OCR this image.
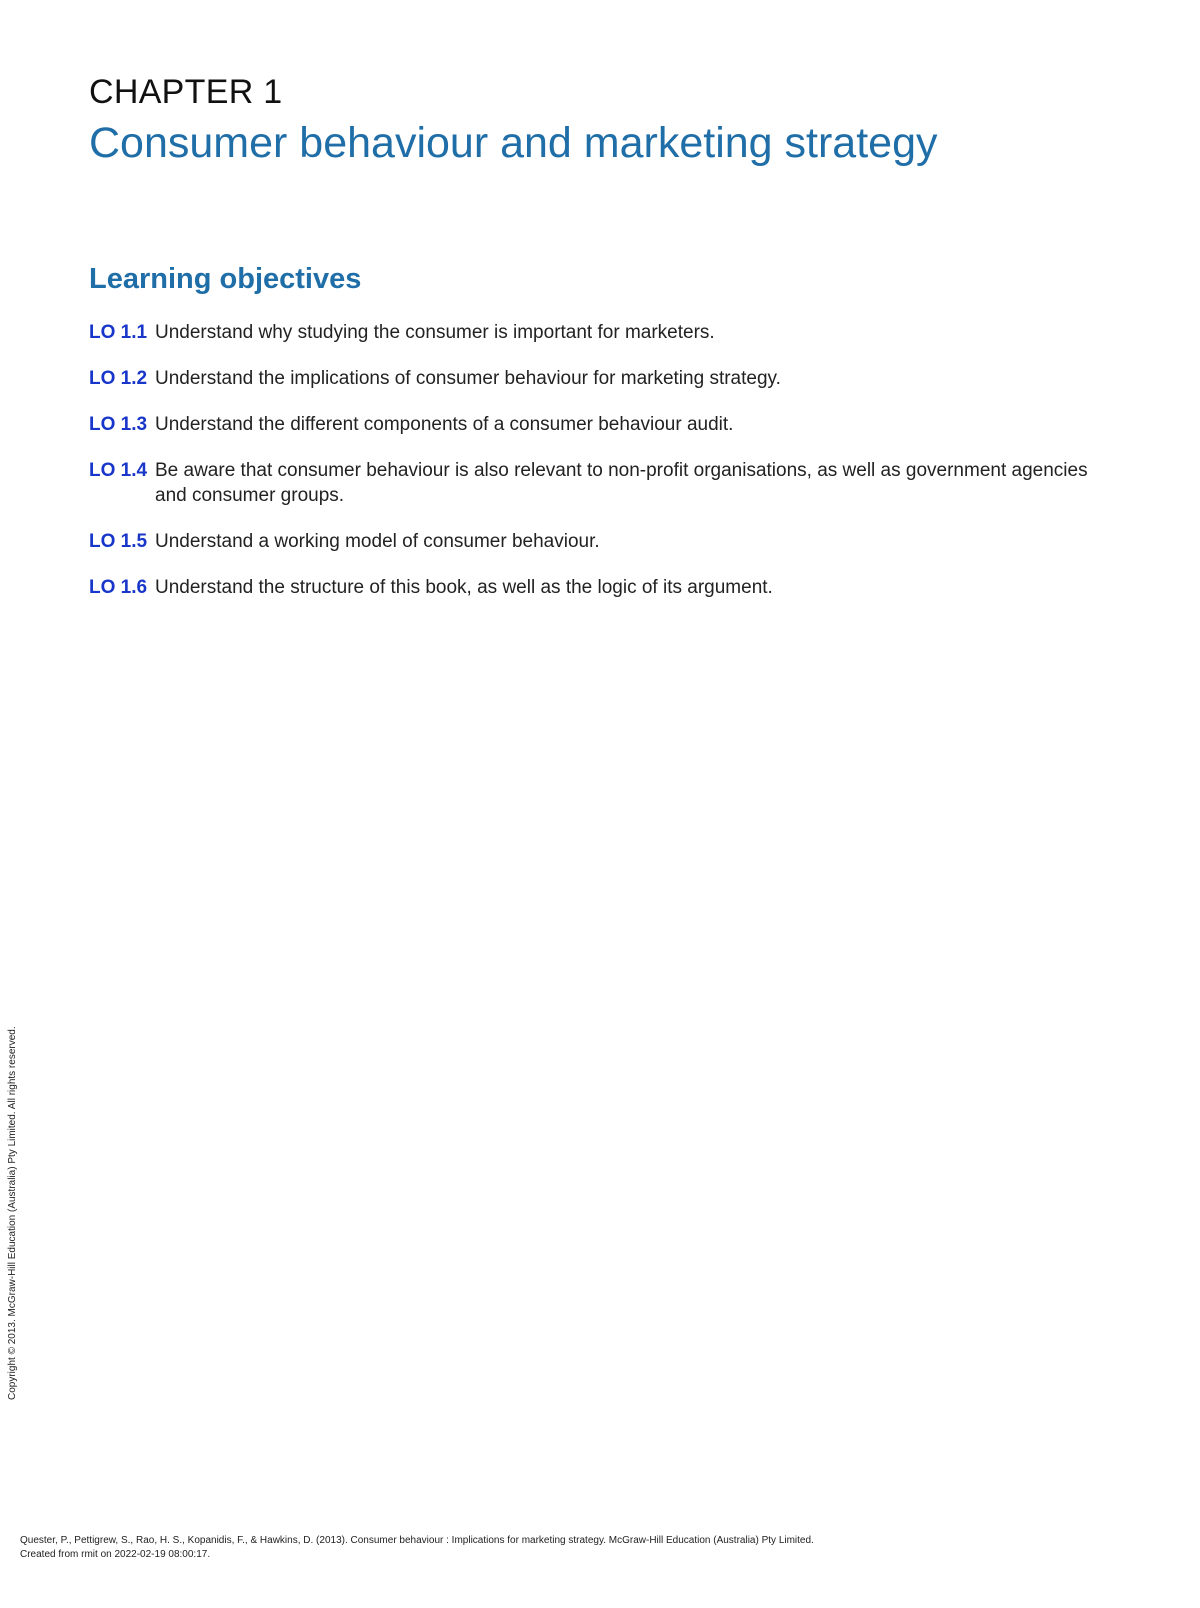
CHAPTER 1
Consumer behaviour and marketing strategy
Learning objectives
LO 1.1 Understand why studying the consumer is important for marketers.
LO 1.2 Understand the implications of consumer behaviour for marketing strategy.
LO 1.3 Understand the different components of a consumer behaviour audit.
LO 1.4 Be aware that consumer behaviour is also relevant to non-profit organisations, as well as government agencies and consumer groups.
LO 1.5 Understand a working model of consumer behaviour.
LO 1.6 Understand the structure of this book, as well as the logic of its argument.
Copyright © 2013. McGraw-Hill Education (Australia) Pty Limited. All rights reserved.
Quester, P., Pettigrew, S., Rao, H. S., Kopanidis, F., & Hawkins, D. (2013). Consumer behaviour : Implications for marketing strategy. McGraw-Hill Education (Australia) Pty Limited.
Created from rmit on 2022-02-19 08:00:17.
